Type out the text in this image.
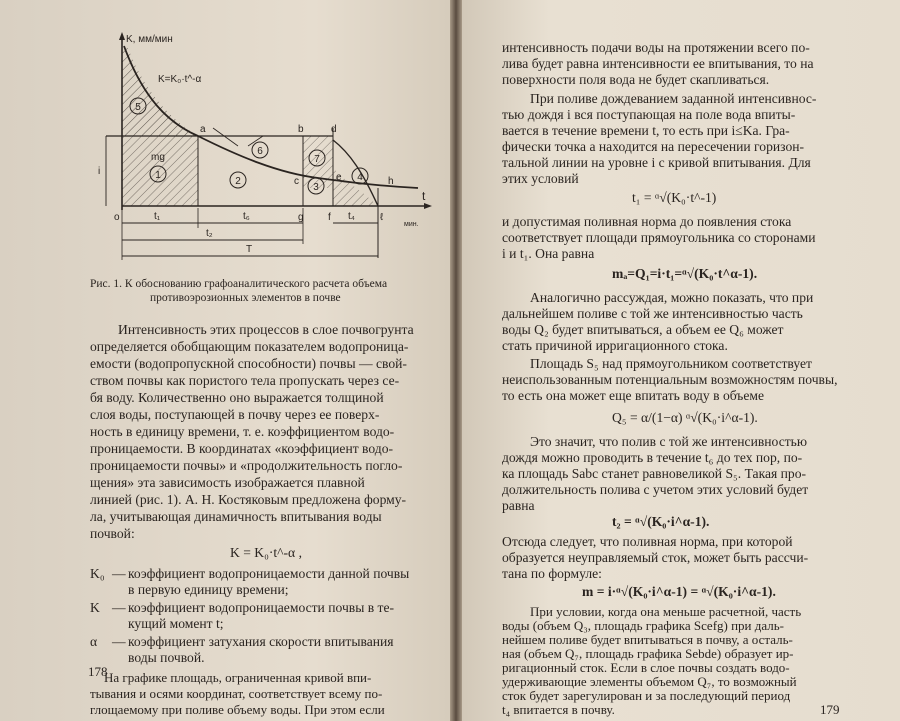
K, мм/мин
K=K₀·t^-α
5
mg
1
2
6
7
3
4
a	b	d
c	e	h
o	g f	ℓ
t
мин.
i
t₁	t₆	t₄
t₂
T
Рис. 1. К обоснованию графоаналитического расчета объема
противоэрозионных элементов в почве
Интенсивность этих процессов в слое почвогрунта
определяется обобщающим показателем водопроница-
емости (водопропускной способности) почвы — свой-
ством почвы как пористого тела пропускать через се-
бя воду. Количественно оно выражается толщиной
слоя воды, поступающей в почву через ее поверх-
ность в единицу времени, т. е. коэффициентом водо-
проницаемости. В координатах «коэффициент водо-
проницаемости почвы» и «продолжительность погло-
щения» эта зависимость изображается плавной
линией (рис. 1). А. Н. Костяковым предложена форму-
ла, учитывающая динамичность впитывания воды
почвой:
K = K₀·t^-α ,
K₀ — коэффициент водопроницаемости данной почвы
в первую единицу времени;
K — коэффициент водопроницаемости почвы в те-
кущий момент t;
α — коэффициент затухания скорости впитывания
воды почвой.
На графике площадь, ограниченная кривой впи-
тывания и осями координат, соответствует всему по-
глощаемому при поливе объему воды. При этом если
интенсивность подачи воды на протяжении всего по-
лива будет равна интенсивности ее впитывания, то на
поверхности поля вода не будет скапливаться.
При поливе дождеванием заданной интенсивнос-
тью дождя i вся поступающая на поле вода впиты-
вается в течение времени t, то есть при i≤Ka. Гра-
фически точка a находится на пересечении горизон-
тальной линии на уровне i с кривой впитывания. Для
этих условий
t₁ = ᵅ√(K₀·t^-1)
и допустимая поливная норма до появления стока
соответствует площади прямоугольника со сторонами
i и t₁. Она равна
mₐ=Q₁=i·t₁=ᵅ√(K₀·t^α-1).
Аналогично рассуждая, можно показать, что при
дальнейшем поливе с той же интенсивностью часть
воды Q₂ будет впитываться, а объем ее Q₆ может
стать причиной ирригационного стока.
Площадь S₅ над прямоугольником соответствует
неиспользованным потенциальным возможностям почвы,
то есть она может еще впитать воду в объеме
Q₅ = α/(1−α) ᵅ√(K₀·i^α-1).
Это значит, что полив с той же интенсивностью
дождя можно проводить в течение t₆ до тех пор, по-
ка площадь Sabc станет равновеликой S₅. Такая про-
должительность полива с учетом этих условий будет
равна
t₂ = ᵅ√(K₀·i^α-1).
Отсюда следует, что поливная норма, при которой
образуется неуправляемый сток, может быть рассчи-
тана по формуле:
m = i·ᵅ√(K₀·i^α-1) = ᵅ√(K₀·i^α-1).
При условии, когда она меньше расчетной, часть
воды (объем Q₃, площадь графика Scefg) при даль-
нейшем поливе будет впитываться в почву, а осталь-
ная (объем Q₇, площадь графика Sebde) образует ир-
ригационный сток. Если в слое почвы создать водо-
удерживающие элементы объемом Q₇, то возможный
сток будет зарегулирован и за последующий период
t₄ впитается в почву.	179
178
